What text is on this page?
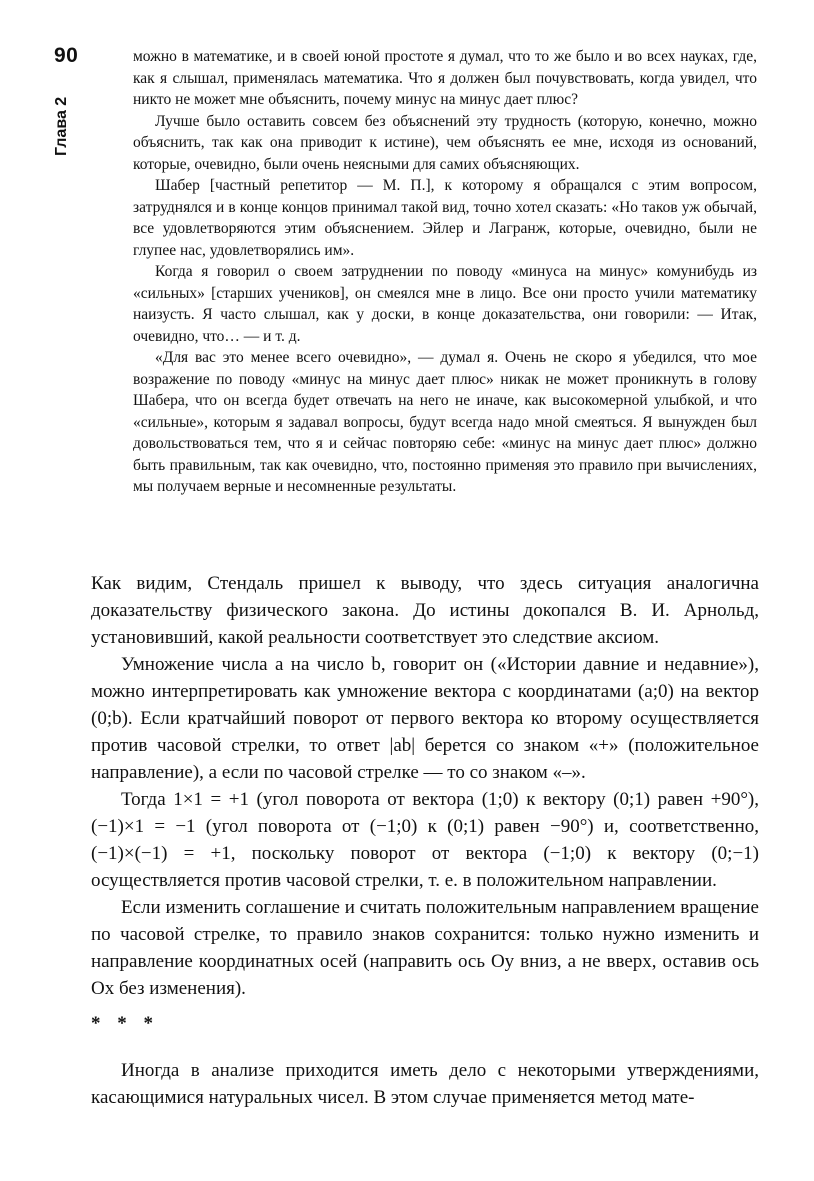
90
Глава 2

можно в математике, и в своей юной простоте я думал, что то же было и во всех науках, где, как я слышал, применялась математика. Что я должен был почувствовать, когда увидел, что никто не может мне объяснить, почему минус на минус дает плюс?

Лучше было оставить совсем без объяснений эту трудность (которую, конечно, можно объяснить, так как она приводит к истине), чем объяснять ее мне, исходя из оснований, которые, очевидно, были очень неясными для самих объясняющих.

Шабер [частный репетитор — М. П.], к которому я обращался с этим вопросом, затруднялся и в конце концов принимал такой вид, точно хотел сказать: «Но таков уж обычай, все удовлетворяются этим объяснением. Эйлер и Лагранж, которые, очевидно, были не глупее нас, удовлетворялись им».

Когда я говорил о своем затруднении по поводу «минуса на минус» комунибудь из «сильных» [старших учеников], он смеялся мне в лицо. Все они просто учили математику наизусть. Я часто слышал, как у доски, в конце доказательства, они говорили: — Итак, очевидно, что… — и т. д.

«Для вас это менее всего очевидно», — думал я. Очень не скоро я убедился, что мое возражение по поводу «минус на минус дает плюс» никак не может проникнуть в голову Шабера, что он всегда будет отвечать на него не иначе, как высокомерной улыбкой, и что «сильные», которым я задавал вопросы, будут всегда надо мной смеяться. Я вынужден был довольствоваться тем, что я и сейчас повторяю себе: «минус на минус дает плюс» должно быть правильным, так как очевидно, что, постоянно применяя это правило при вычислениях, мы получаем верные и несомненные результаты.

Как видим, Стендаль пришел к выводу, что здесь ситуация аналогична доказательству физического закона. До истины докопался В. И. Арнольд, установивший, какой реальности соответствует это следствие аксиом.

Умножение числа a на число b, говорит он («Истории давние и недавние»), можно интерпретировать как умножение вектора с координатами (a;0) на вектор (0;b). Если кратчайший поворот от первого вектора ко второму осуществляется против часовой стрелки, то ответ |ab| берется со знаком «+» (положительное направление), а если по часовой стрелке — то со знаком «–».

Тогда 1×1 = +1 (угол поворота от вектора (1;0) к вектору (0;1) равен +90°), (−1)×1 = −1 (угол поворота от (−1;0) к (0;1) равен −90°) и, соответственно, (−1)×(−1) = +1, поскольку поворот от вектора (−1;0) к вектору (0;−1) осуществляется против часовой стрелки, т. е. в положительном направлении.

Если изменить соглашение и считать положительным направлением вращение по часовой стрелке, то правило знаков сохранится: только нужно изменить и направление координатных осей (направить ось Oy вниз, а не вверх, оставив ось Ox без изменения).

* * *

Иногда в анализе приходится иметь дело с некоторыми утверждениями, касающимися натуральных чисел. В этом случае применяется метод мате-
